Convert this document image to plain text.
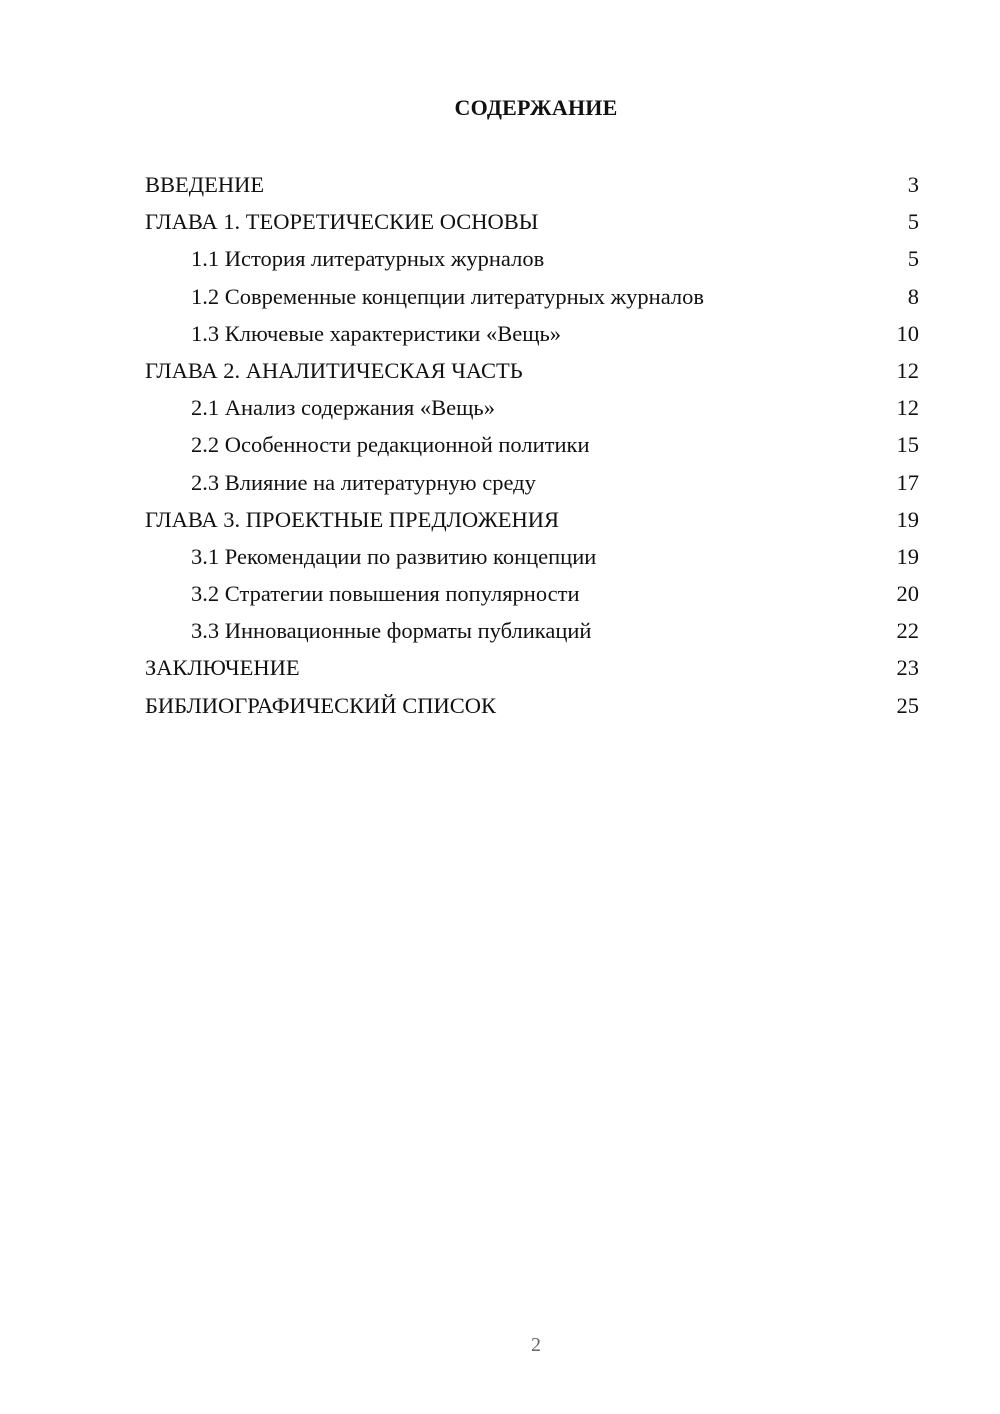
СОДЕРЖАНИЕ
ВВЕДЕНИЕ	3
ГЛАВА 1. ТЕОРЕТИЧЕСКИЕ ОСНОВЫ	5
1.1 История литературных журналов	5
1.2 Современные концепции литературных журналов	8
1.3 Ключевые характеристики «Вещь»	10
ГЛАВА 2. АНАЛИТИЧЕСКАЯ ЧАСТЬ	12
2.1 Анализ содержания «Вещь»	12
2.2 Особенности редакционной политики	15
2.3 Влияние на литературную среду	17
ГЛАВА 3. ПРОЕКТНЫЕ ПРЕДЛОЖЕНИЯ	19
3.1 Рекомендации по развитию концепции	19
3.2 Стратегии повышения популярности	20
3.3 Инновационные форматы публикаций	22
ЗАКЛЮЧЕНИЕ	23
БИБЛИОГРАФИЧЕСКИЙ СПИСОК	25
2
